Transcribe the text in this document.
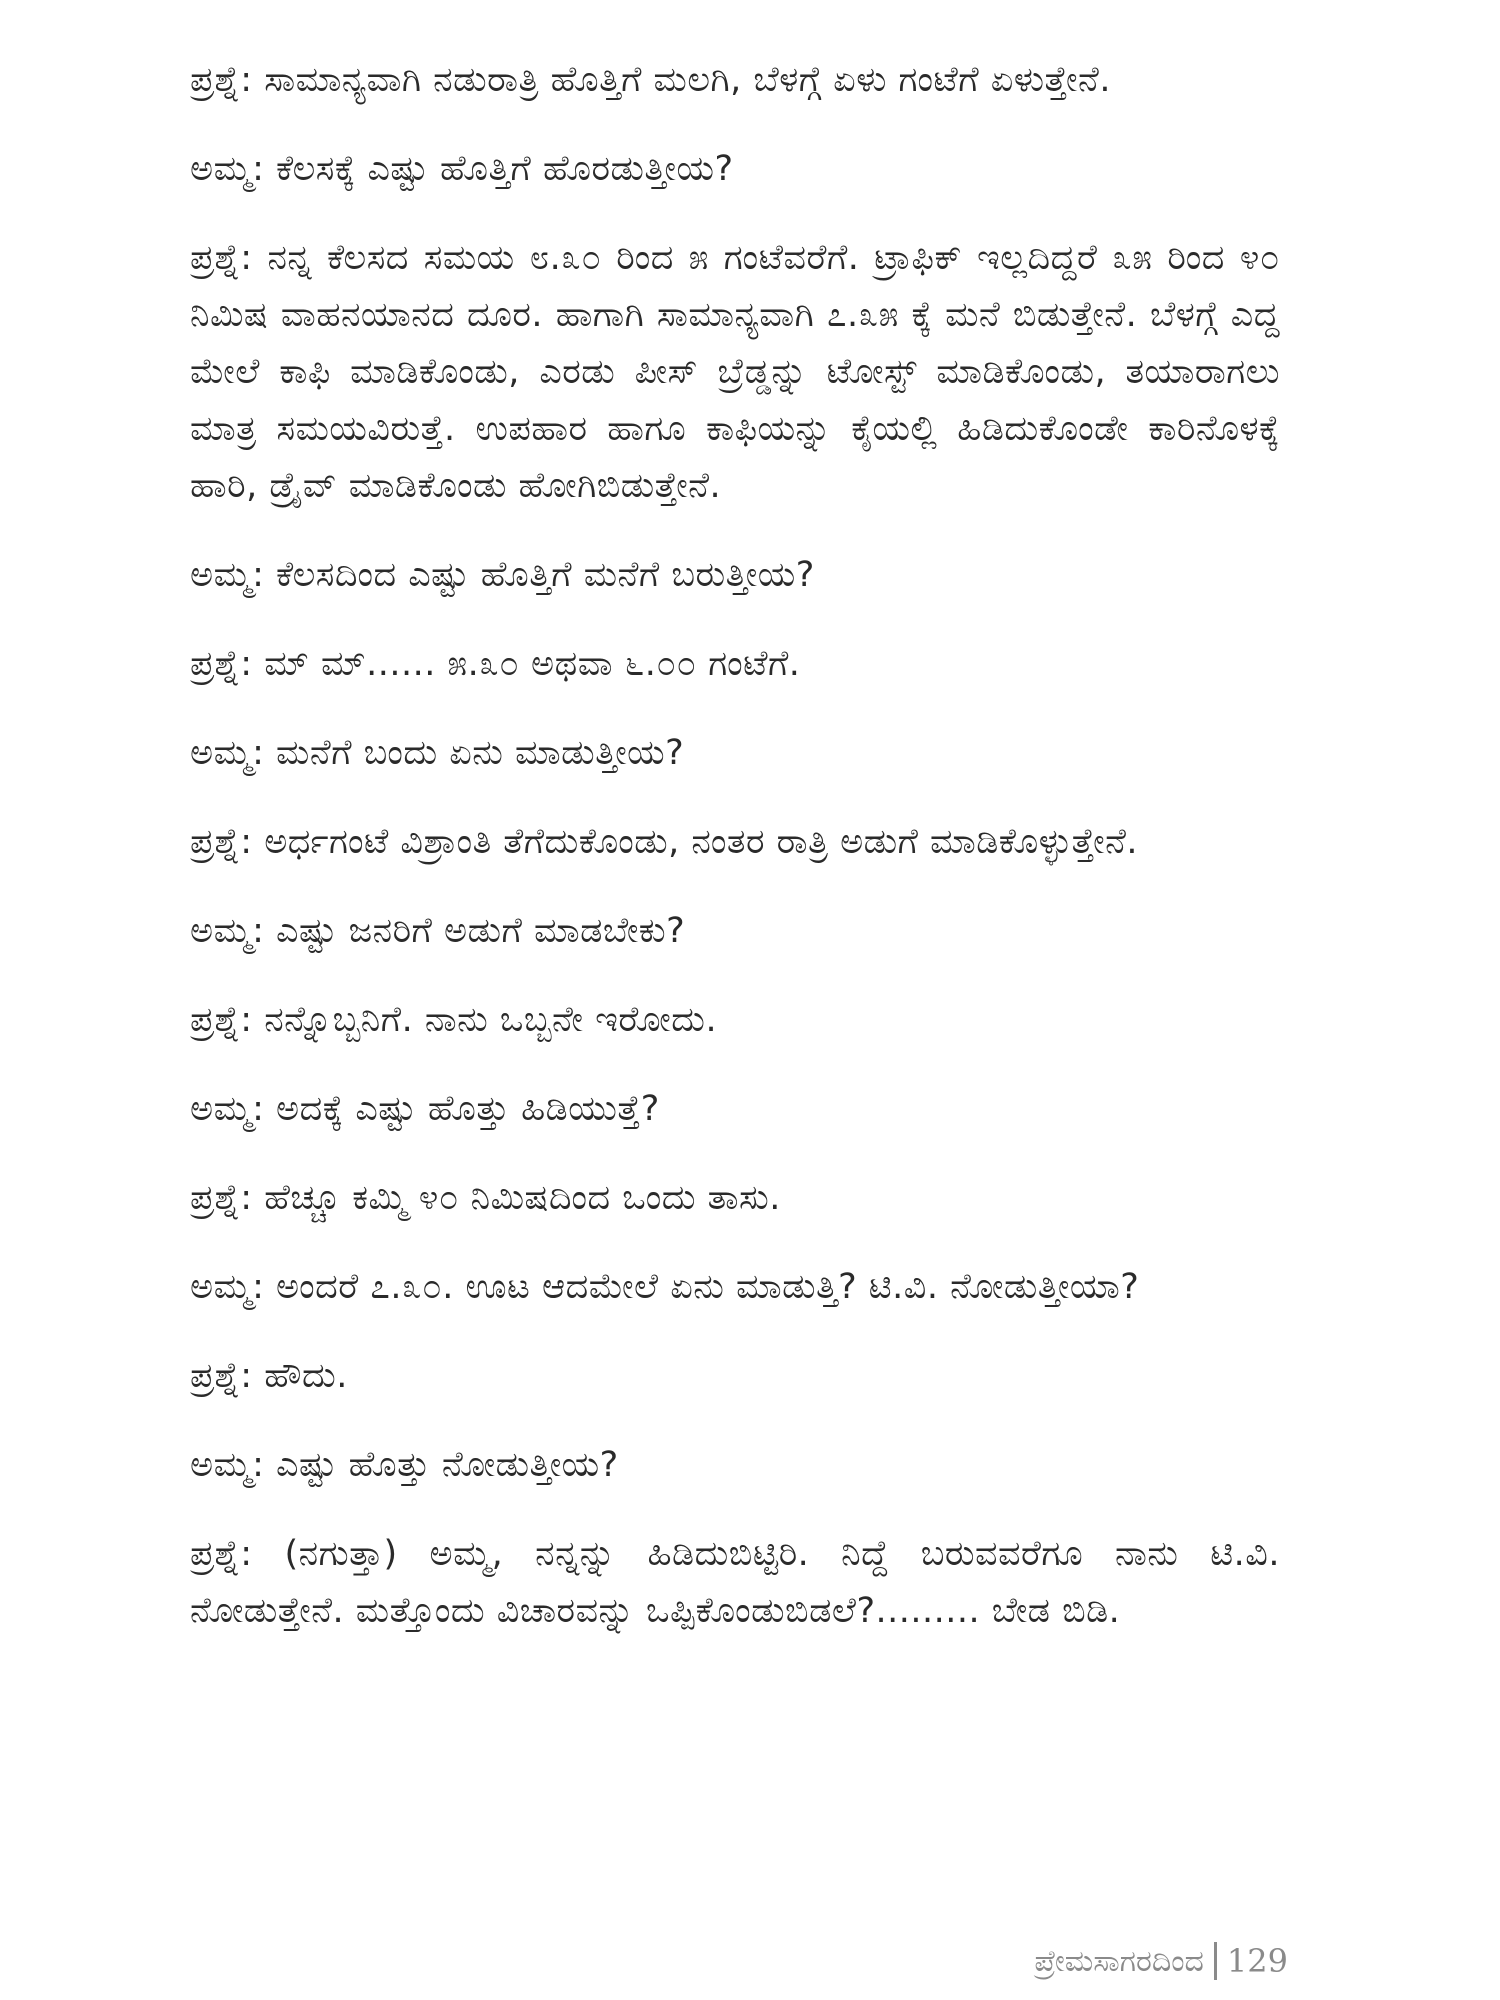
ಪ್ರಶ್ನೆ: ಸಾಮಾನ್ಯವಾಗಿ ನಡುರಾತ್ರಿ ಹೊತ್ತಿಗೆ ಮಲಗಿ, ಬೆಳಗ್ಗೆ ಏಳು ಗಂಟೆಗೆ ಏಳುತ್ತೇನೆ.

ಅಮ್ಮ: ಕೆಲಸಕ್ಕೆ ಎಷ್ಟು ಹೊತ್ತಿಗೆ ಹೊರಡುತ್ತೀಯ?

ಪ್ರಶ್ನೆ: ನನ್ನ ಕೆಲಸದ ಸಮಯ ೮.೩೦ ರಿಂದ ೫ ಗಂಟೆವರೆಗೆ. ಟ್ರಾಫಿಕ್ ಇಲ್ಲದಿದ್ದರೆ ೩೫ ರಿಂದ ೪೦ ನಿಮಿಷ ವಾಹನಯಾನದ ದೂರ. ಹಾಗಾಗಿ ಸಾಮಾನ್ಯವಾಗಿ ೭.೩೫ ಕ್ಕೆ ಮನೆ ಬಿಡುತ್ತೇನೆ. ಬೆಳಗ್ಗೆ ಎದ್ದ ಮೇಲೆ ಕಾಫಿ ಮಾಡಿಕೊಂಡು, ಎರಡು ಪೀಸ್ ಬ್ರೆಡ್ಡನ್ನು ಟೋಸ್ಟ್ ಮಾಡಿಕೊಂಡು, ತಯಾರಾಗಲು ಮಾತ್ರ ಸಮಯವಿರುತ್ತೆ. ಉಪಹಾರ ಹಾಗೂ ಕಾಫಿಯನ್ನು ಕೈಯಲ್ಲಿ ಹಿಡಿದುಕೊಂಡೇ ಕಾರಿನೊಳಕ್ಕೆ ಹಾರಿ, ಡ್ರೈವ್ ಮಾಡಿಕೊಂಡು ಹೋಗಿಬಿಡುತ್ತೇನೆ.

ಅಮ್ಮ: ಕೆಲಸದಿಂದ ಎಷ್ಟು ಹೊತ್ತಿಗೆ ಮನೆಗೆ ಬರುತ್ತೀಯ?

ಪ್ರಶ್ನೆ: ಮ್ ಮ್...... ೫.೩೦ ಅಥವಾ ೬.೦೦ ಗಂಟೆಗೆ.

ಅಮ್ಮ: ಮನೆಗೆ ಬಂದು ಏನು ಮಾಡುತ್ತೀಯ?

ಪ್ರಶ್ನೆ: ಅರ್ಧಗಂಟೆ ವಿಶ್ರಾಂತಿ ತೆಗೆದುಕೊಂಡು, ನಂತರ ರಾತ್ರಿ ಅಡುಗೆ ಮಾಡಿಕೊಳ್ಳುತ್ತೇನೆ.

ಅಮ್ಮ: ಎಷ್ಟು ಜನರಿಗೆ ಅಡುಗೆ ಮಾಡಬೇಕು?

ಪ್ರಶ್ನೆ: ನನ್ನೊಬ್ಬನಿಗೆ. ನಾನು ಒಬ್ಬನೇ ಇರೋದು.

ಅಮ್ಮ: ಅದಕ್ಕೆ ಎಷ್ಟು ಹೊತ್ತು ಹಿಡಿಯುತ್ತೆ?

ಪ್ರಶ್ನೆ: ಹೆಚ್ಚೂ ಕಮ್ಮಿ ೪೦ ನಿಮಿಷದಿಂದ ಒಂದು ತಾಸು.

ಅಮ್ಮ: ಅಂದರೆ ೭.೩೦. ಊಟ ಆದಮೇಲೆ ಏನು ಮಾಡುತ್ತಿ? ಟಿ.ವಿ. ನೋಡುತ್ತೀಯಾ?

ಪ್ರಶ್ನೆ: ಹೌದು.

ಅಮ್ಮ: ಎಷ್ಟು ಹೊತ್ತು ನೋಡುತ್ತೀಯ?

ಪ್ರಶ್ನೆ: (ನಗುತ್ತಾ) ಅಮ್ಮ, ನನ್ನನ್ನು ಹಿಡಿದುಬಿಟ್ಟಿರಿ. ನಿದ್ದೆ ಬರುವವರೆಗೂ ನಾನು ಟಿ.ವಿ. ನೋಡುತ್ತೇನೆ. ಮತ್ತೊಂದು ವಿಚಾರವನ್ನು ಒಪ್ಪಿಕೊಂಡುಬಿಡಲೆ?......... ಬೇಡ ಬಿಡಿ.

ಪ್ರೇಮಸಾಗರದಿಂದ 129
